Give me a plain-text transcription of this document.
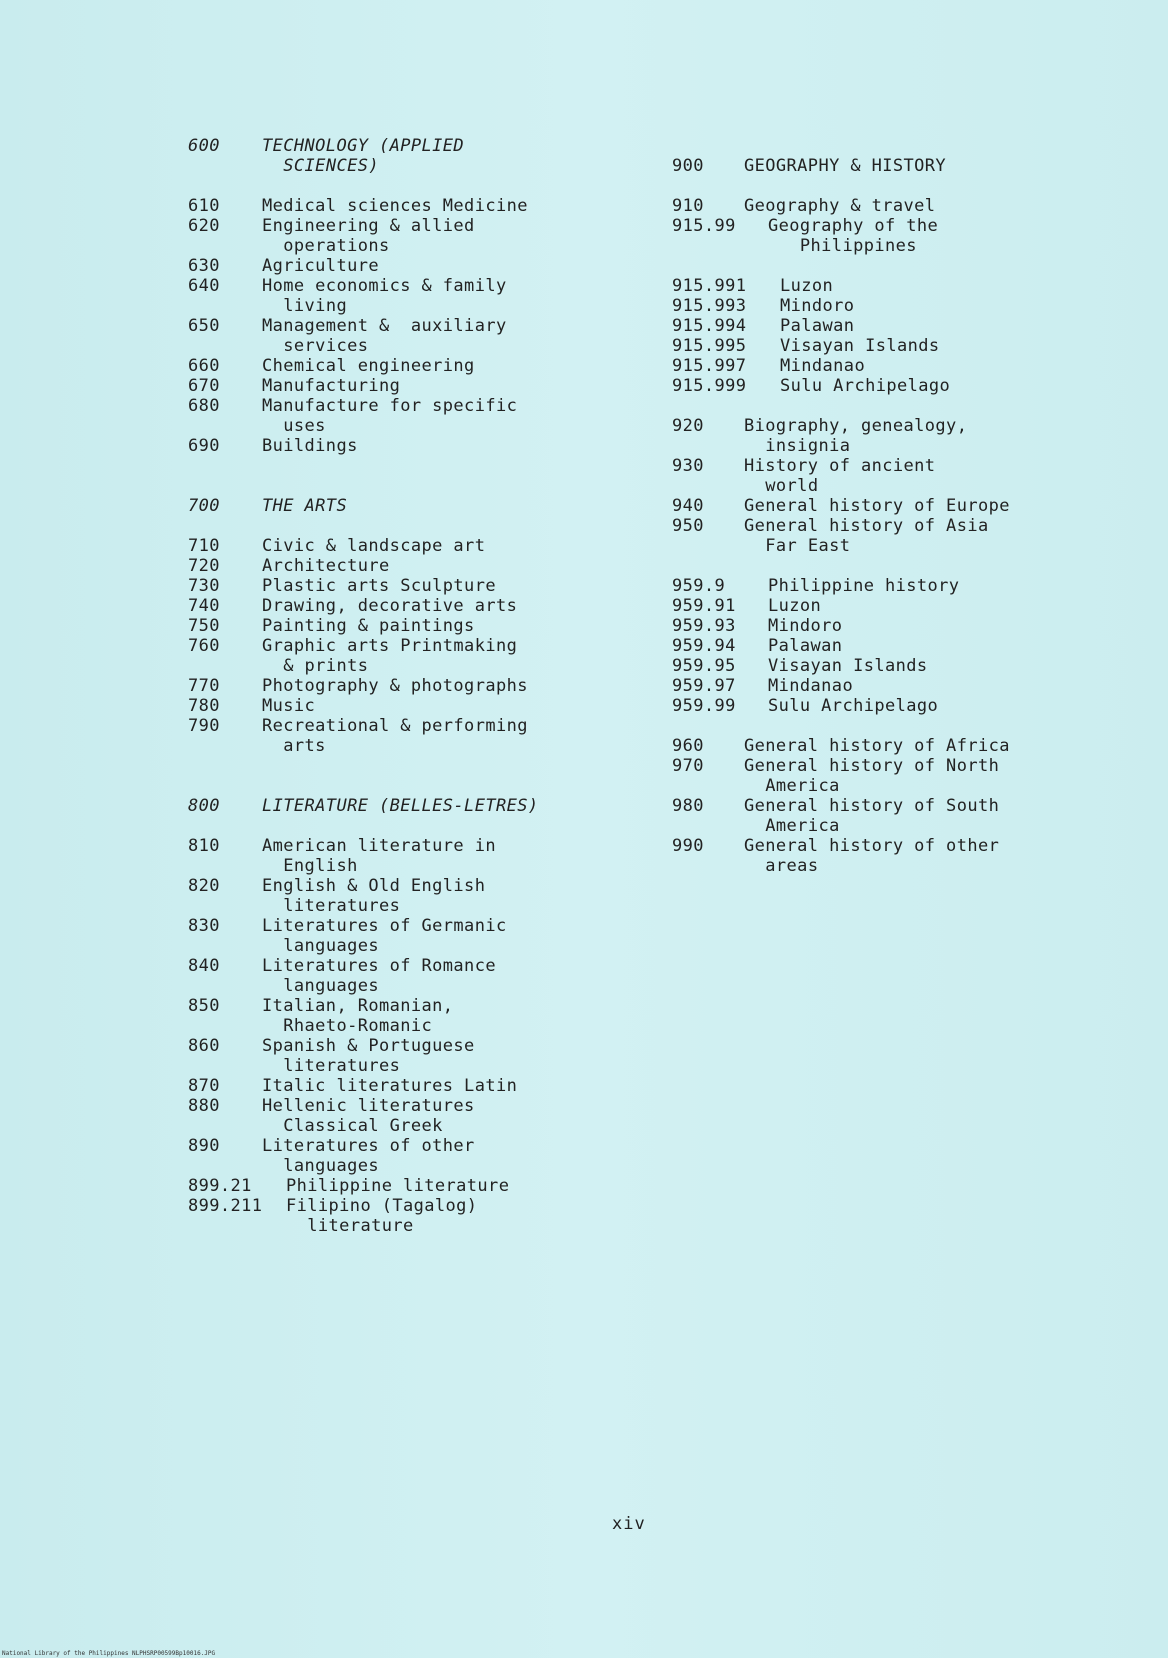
600 TECHNOLOGY (APPLIED
SCIENCES)
610 Medical sciences Medicine
620 Engineering & allied
operations
630 Agriculture
640 Home economics & family
living
650 Management &  auxiliary
services
660 Chemical engineering
670 Manufacturing
680 Manufacture for specific
uses
690 Buildings
700 THE ARTS
710 Civic & landscape art
720 Architecture
730 Plastic arts Sculpture
740 Drawing, decorative arts
750 Painting & paintings
760 Graphic arts Printmaking
& prints
770 Photography & photographs
780 Music
790 Recreational & performing
arts
800 LITERATURE (BELLES-LETRES)
810 American literature in
English
820 English & Old English
literatures
830 Literatures of Germanic
languages
840 Literatures of Romance
languages
850 Italian, Romanian,
Rhaeto-Romanic
860 Spanish & Portuguese
literatures
870 Italic literatures Latin
880 Hellenic literatures
Classical Greek
890 Literatures of other
languages
899.21 Philippine literature
899.211 Filipino (Tagalog)
literature
900 GEOGRAPHY & HISTORY
910 Geography & travel
915.99 Geography of the
Philippines
915.991 Luzon
915.993 Mindoro
915.994 Palawan
915.995 Visayan Islands
915.997 Mindanao
915.999 Sulu Archipelago
920 Biography, genealogy,
insignia
930 History of ancient
world
940 General history of Europe
950 General history of Asia
Far East
959.9	Philippine history
959.91 Luzon
959.93 Mindoro
959.94 Palawan
959.95 Visayan Islands
959.97 Mindanao
959.99 Sulu Archipelago
960 General history of Africa
970 General history of North
America
980 General history of South
America
990 General history of other
areas
xiv
National Library of the Philippines NLPHSRP00599Bp10016.JPG
